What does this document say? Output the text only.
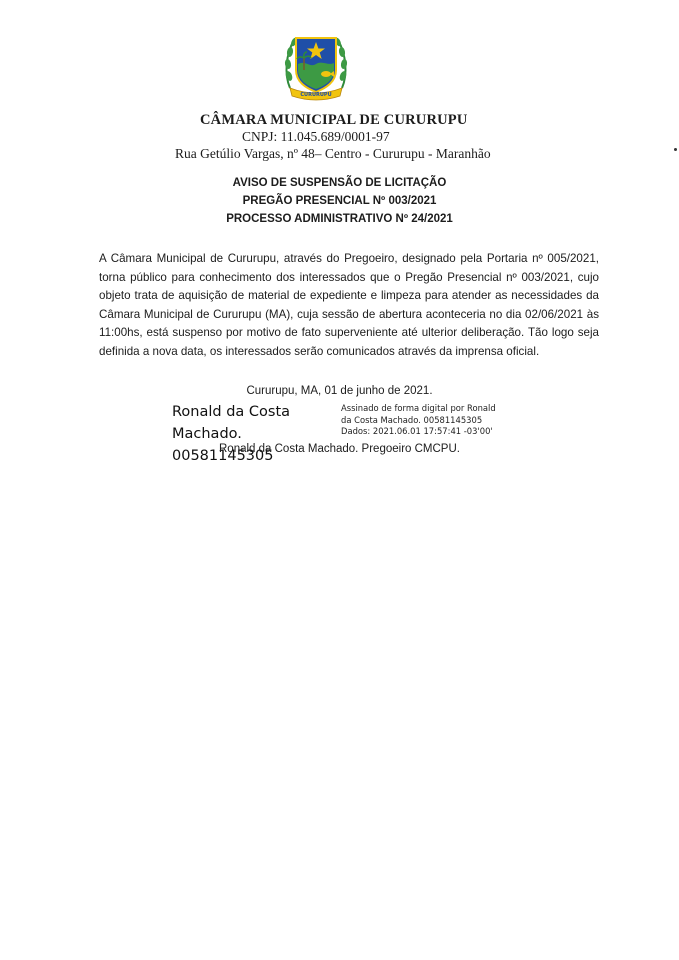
CURURUPU
CÂMARA MUNICIPAL DE CURURUPU
CNPJ: 11.045.689/0001-97
Rua Getúlio Vargas, nº 48– Centro - Cururupu - Maranhão
AVISO DE SUSPENSÃO DE LICITAÇÃO
PREGÃO PRESENCIAL Nº 003/2021
PROCESSO ADMINISTRATIVO Nº 24/2021

A Câmara Municipal de Cururupu, através do Pregoeiro, designado pela Portaria nº 005/2021, torna público para conhecimento dos interessados que o Pregão Presencial nº 003/2021, cujo objeto trata de aquisição de material de expediente e limpeza para atender as necessidades da Câmara Municipal de Cururupu (MA), cuja sessão de abertura aconteceria no dia 02/06/2021 às 11:00hs, está suspenso por motivo de fato superveniente até ulterior deliberação. Tão logo seja definida a nova data, os interessados serão comunicados através da imprensa oficial.

Cururupu, MA, 01 de junho de 2021.
Ronald da Costa
Machado. 00581145305
Assinado de forma digital por Ronald
da Costa Machado. 00581145305
Dados: 2021.06.01 17:57:41 -03'00'
Ronald da Costa Machado. Pregoeiro CMCPU.
